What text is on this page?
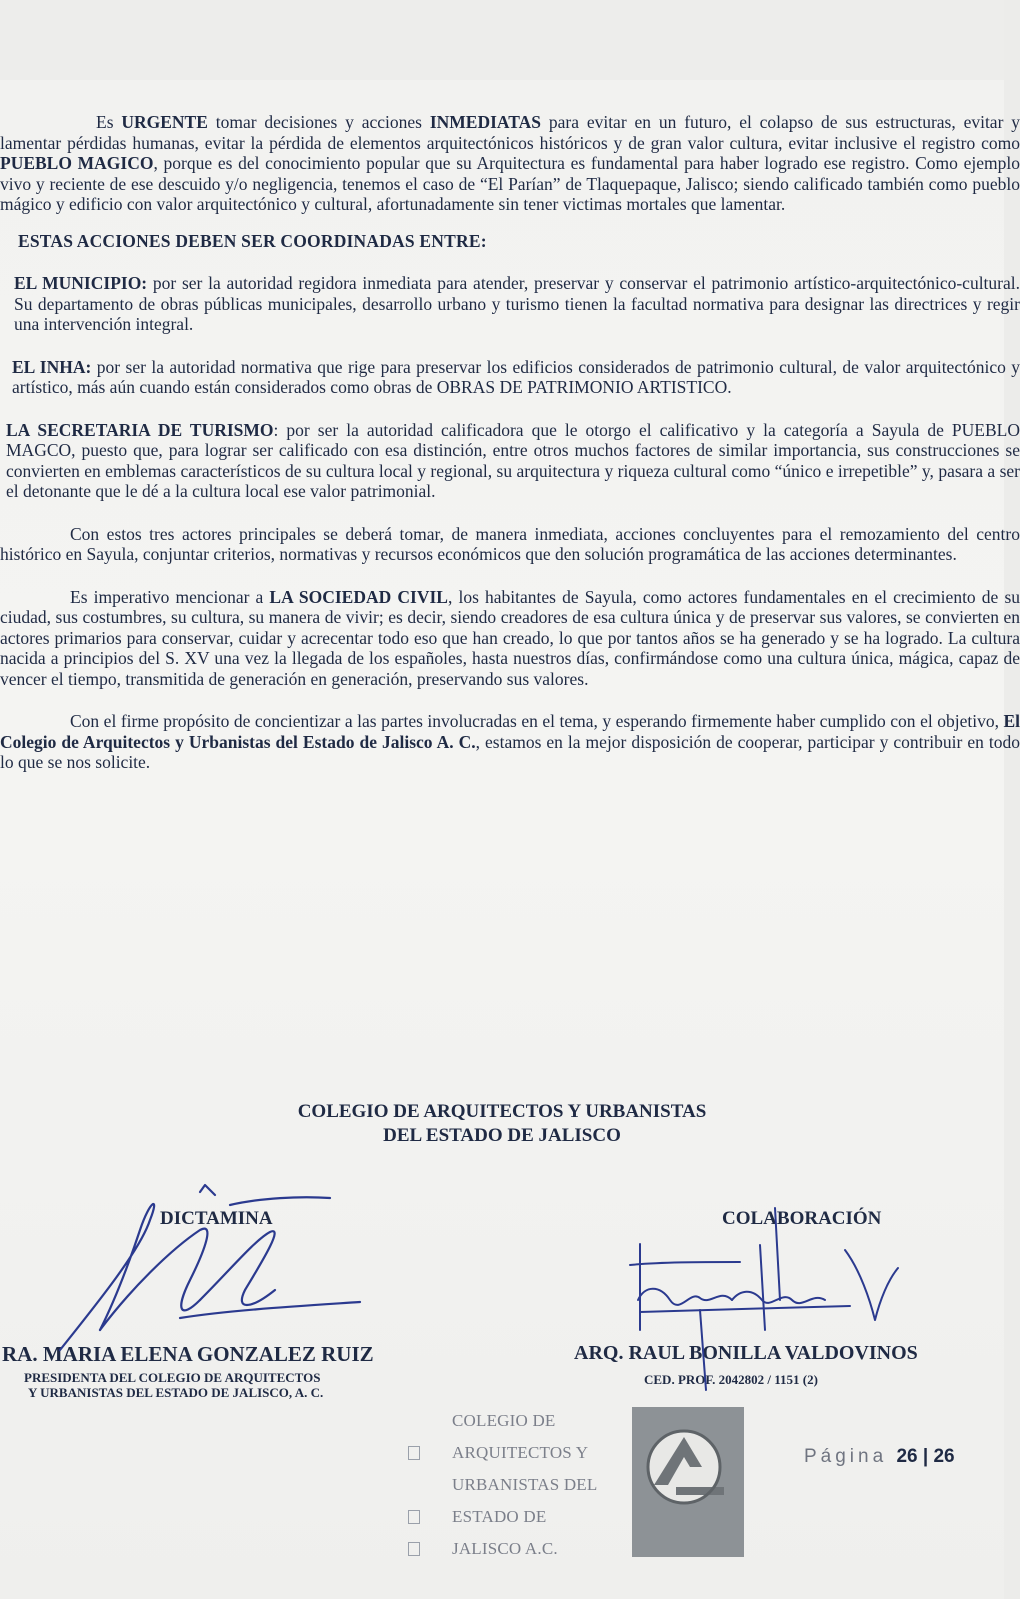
Es URGENTE tomar decisiones y acciones INMEDIATAS para evitar en un futuro, el colapso de sus estructuras, evitar y lamentar pérdidas humanas, evitar la pérdida de elementos arquitectónicos históricos y de gran valor cultura, evitar inclusive el registro como PUEBLO MAGICO, porque es del conocimiento popular que su Arquitectura es fundamental para haber logrado ese registro. Como ejemplo vivo y reciente de ese descuido y/o negligencia, tenemos el caso de “El Parían” de Tlaquepaque, Jalisco; siendo calificado también como pueblo mágico y edificio con valor arquitectónico y cultural, afortunadamente sin tener victimas mortales que lamentar.

ESTAS ACCIONES DEBEN SER COORDINADAS ENTRE:

EL MUNICIPIO: por ser la autoridad regidora inmediata para atender, preservar y conservar el patrimonio artístico-arquitectónico-cultural. Su departamento de obras públicas municipales, desarrollo urbano y turismo tienen la facultad normativa para designar las directrices y regir una intervención integral.

EL INHA: por ser la autoridad normativa que rige para preservar los edificios considerados de patrimonio cultural, de valor arquitectónico y artístico, más aún cuando están considerados como obras de OBRAS DE PATRIMONIO ARTISTICO.

LA SECRETARIA DE TURISMO: por ser la autoridad calificadora que le otorgo el calificativo y la categoría a Sayula de PUEBLO MAGCO, puesto que, para lograr ser calificado con esa distinción, entre otros muchos factores de similar importancia, sus construcciones se convierten en emblemas característicos de su cultura local y regional, su arquitectura y riqueza cultural como “único e irrepetible” y, pasara a ser el detonante que le dé a la cultura local ese valor patrimonial.

Con estos tres actores principales se deberá tomar, de manera inmediata, acciones concluyentes para el remozamiento del centro histórico en Sayula, conjuntar criterios, normativas y recursos económicos que den solución programática de las acciones determinantes.

Es imperativo mencionar a LA SOCIEDAD CIVIL, los habitantes de Sayula, como actores fundamentales en el crecimiento de su ciudad, sus costumbres, su cultura, su manera de vivir; es decir, siendo creadores de esa cultura única y de preservar sus valores, se convierten en actores primarios para conservar, cuidar y acrecentar todo eso que han creado, lo que por tantos años se ha generado y se ha logrado. La cultura nacida a principios del S. XV una vez la llegada de los españoles, hasta nuestros días, confirmándose como una cultura única, mágica, capaz de vencer el tiempo, transmitida de generación en generación, preservando sus valores.

Con el firme propósito de concientizar a las partes involucradas en el tema, y esperando firmemente haber cumplido con el objetivo, El Colegio de Arquitectos y Urbanistas del Estado de Jalisco A. C., estamos en la mejor disposición de cooperar, participar y contribuir en todo lo que se nos solicite.

COLEGIO DE ARQUITECTOS Y URBANISTAS
DEL ESTADO DE JALISCO
DICTAMINA	COLABORACIÓN
RA. MARIA ELENA GONZALEZ RUIZ
PRESIDENTA DEL COLEGIO DE ARQUITECTOS
Y URBANISTAS DEL ESTADO DE JALISCO, A. C.
ARQ. RAUL BONILLA VALDOVINOS
CED. PROF. 2042802 / 1151 (2)
COLEGIO DE
ARQUITECTOS Y
URBANISTAS DEL
ESTADO DE
JALISCO A.C.
Página 26 | 26
